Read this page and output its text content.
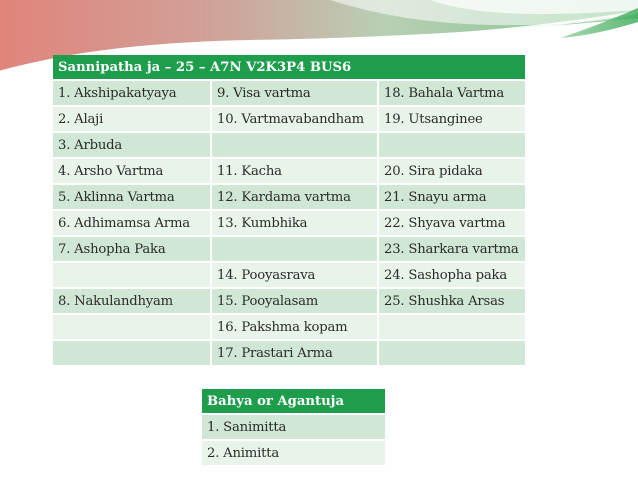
Sannipatha ja – 25 – A7N V2K3P4 BUS6		
1. Akshipakatyaya	9. Visa vartma	18. Bahala Vartma
2. Alaji	10. Vartmavabandham	19. Utsanginee
3. Arbuda		
4. Arsho Vartma	11. Kacha	20. Sira pidaka
5. Aklinna Vartma	12. Kardama vartma	21. Snayu arma
6. Adhimamsa Arma	13. Kumbhika	22. Shyava vartma
7. Ashopha Paka		23. Sharkara vartma
	14. Pooyasrava	24. Sashopha paka
8. Nakulandhyam	15. Pooyalasam	25. Shushka Arsas
	16. Pakshma kopam	
	17. Prastari Arma	
Bahya or Agantuja
1. Sanimitta
2. Animitta
